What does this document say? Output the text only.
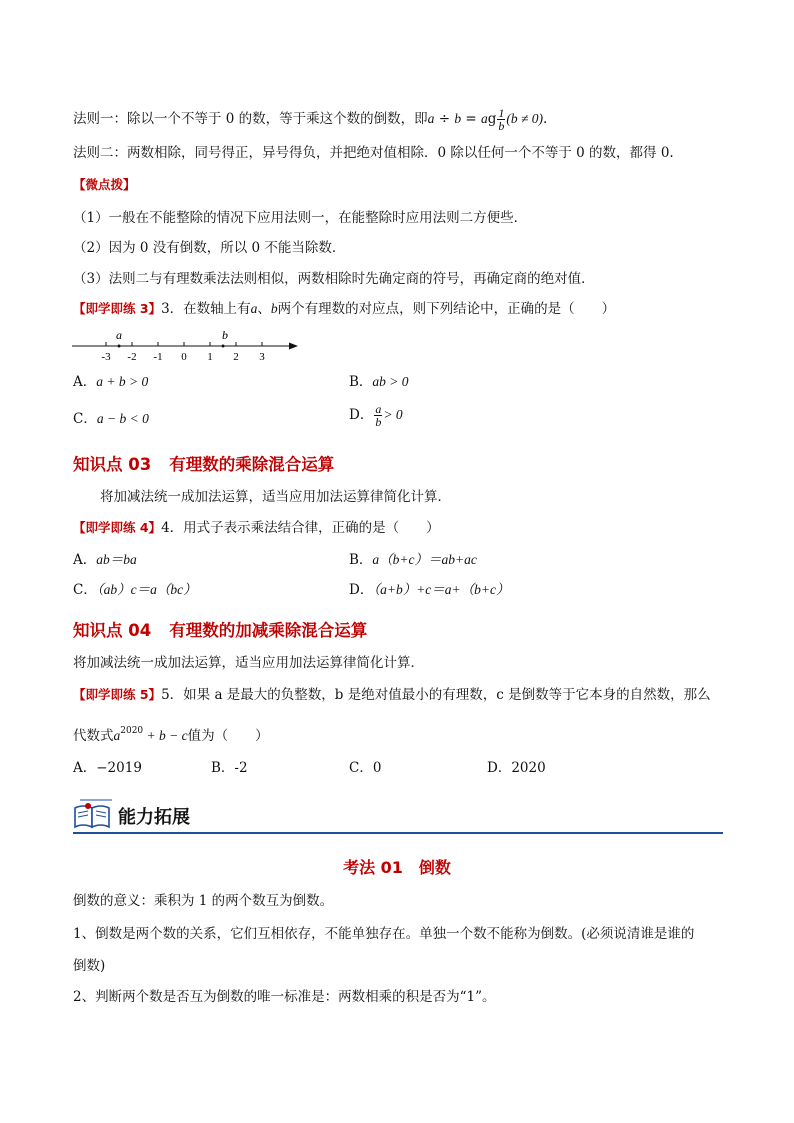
法则一：除以一个不等于 0 的数，等于乘这个数的倒数，即a ÷ b = ag $\frac{1}{b} (b \ne 0)$.
法则二：两数相除，同号得正，异号得负，并把绝对值相除．0 除以任何一个不等于 0 的数，都得 0.
【微点拨】
（1）一般在不能整除的情况下应用法则一，在能整除时应用法则二方便些．
（2）因为 0 没有倒数，所以 0 不能当除数．
（3）法则二与有理数乘法法则相似，两数相除时先确定商的符号，再确定商的绝对值．
【即学即练 3】3．在数轴上有a、b两个有理数的对应点，则下列结论中，正确的是（　　）
a	b
-3 -2 -1 0 1 2 3
A．a + b > 0	B．ab > 0
C．a − b < 0	D． $\frac{a}{b} > 0$
知识点 03 有理数的乘除混合运算
将加减法统一成加法运算，适当应用加法运算律简化计算．
【即学即练 4】4．用式子表示乘法结合律，正确的是（　　）
A．ab＝ba	B．a（b+c）＝ab+ac
C．（ab）c＝a（bc）	D．（a+b）+c＝a+（b+c）
知识点 04 有理数的加减乘除混合运算
将加减法统一成加法运算，适当应用加法运算律简化计算．
【即学即练 5】5．如果 a 是最大的负整数，b 是绝对值最小的有理数，c 是倒数等于它本身的自然数，那么
代数式$a^{2020} + b - c$值为（　　）
A．−2019	B．-2	C．0	D．2020
能力拓展
考法 01 倒数
倒数的意义：乘积为 1 的两个数互为倒数。
1、倒数是两个数的关系，它们互相依存，不能单独存在。单独一个数不能称为倒数。(必须说清谁是谁的
倒数)
2、判断两个数是否互为倒数的唯一标准是：两数相乘的积是否为“1”。
